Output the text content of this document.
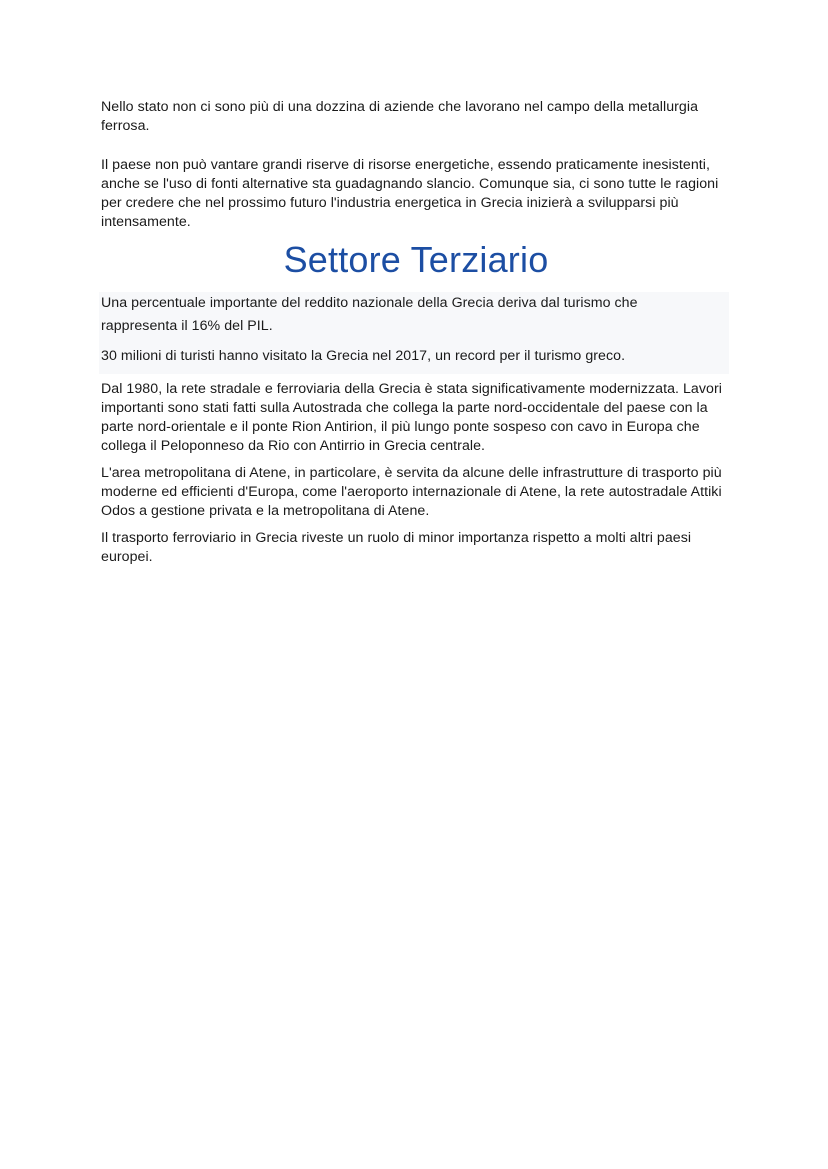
Nello stato non ci sono più di una dozzina di aziende che lavorano nel campo della metallurgia ferrosa.

Il paese non può vantare grandi riserve di risorse energetiche, essendo praticamente inesistenti, anche se l'uso di fonti alternative sta guadagnando slancio. Comunque sia, ci sono tutte le ragioni per credere che nel prossimo futuro l'industria energetica in Grecia inizierà a svilupparsi più intensamente.

Settore Terziario

Una percentuale importante del reddito nazionale della Grecia deriva dal turismo che rappresenta il 16% del PIL.

30 milioni di turisti hanno visitato la Grecia nel 2017, un record per il turismo greco.

Dal 1980, la rete stradale e ferroviaria della Grecia è stata significativamente modernizzata. Lavori importanti sono stati fatti sulla Autostrada che collega la parte nord-occidentale del paese con la parte nord-orientale e il ponte Rion Antirion, il più lungo ponte sospeso con cavo in Europa che collega il Peloponneso da Rio con Antirrio in Grecia centrale.

L'area metropolitana di Atene, in particolare, è servita da alcune delle infrastrutture di trasporto più moderne ed efficienti d'Europa, come l'aeroporto internazionale di Atene, la rete autostradale Attiki Odos a gestione privata e la metropolitana di Atene.

Il trasporto ferroviario in Grecia riveste un ruolo di minor importanza rispetto a molti altri paesi europei.
